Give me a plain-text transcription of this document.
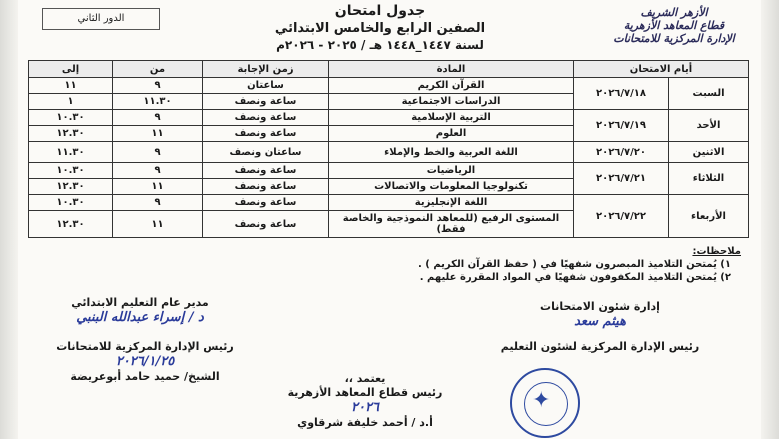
الدور الثاني	جدول امتحان
الصفين الرابع والخامس الابتدائي
لسنة ١٤٤٧_١٤٤٨ هـ / ٢٠٢٥ - ٢٠٢٦م
الأزهر الشريف
قطاع المعاهد الأزهرية
الإدارة المركزية للامتحانات
أيام الامتحان		المادة	زمن الإجابة	من	إلى
السبت	٢٠٢٦/٧/١٨	القرآن الكريم	ساعتان	٩	١١
		الدراسات الاجتماعية	ساعة ونصف	١١.٣٠	١
الأحد	٢٠٢٦/٧/١٩	التربية الإسلامية	ساعة ونصف	٩	١٠.٣٠
		العلوم	ساعة ونصف	١١	١٢.٣٠
الاثنين	٢٠٢٦/٧/٢٠	اللغة العربية والخط والإملاء	ساعتان ونصف	٩	١١.٣٠
الثلاثاء	٢٠٢٦/٧/٢١	الرياضيات	ساعة ونصف	٩	١٠.٣٠
		تكنولوجيا المعلومات والاتصالات	ساعة ونصف	١١	١٢.٣٠
الأربعاء	٢٠٢٦/٧/٢٢	اللغة الإنجليزية	ساعة ونصف	٩	١٠.٣٠
		المستوى الرفيع (للمعاهد النموذجية والخاصة فقط)	ساعة ونصف	١١	١٢.٣٠
ملاحظات:
١) يُمتحن التلاميذ المبصرون شفهيًا في ( حفظ القرآن الكريم ) .
٢) يُمتحن التلاميذ المكفوفون شفهيًا في المواد المقررة عليهم .
مدير عام التعليم الابتدائي
د / إسراء عبدالله البنبي
رئيس الإدارة المركزية للامتحانات
٢٠٢٦/١/٢٥
الشيخ/ حميد حامد أبوعريضة
إدارة شئون الامتحانات
هيثم سعد
رئيس الإدارة المركزية لشئون التعليم
يعتمد ،،
رئيس قطاع المعاهد الأزهرية
٢٠٢٦
أ.د / أحمد خليفة شرقاوي
✦
